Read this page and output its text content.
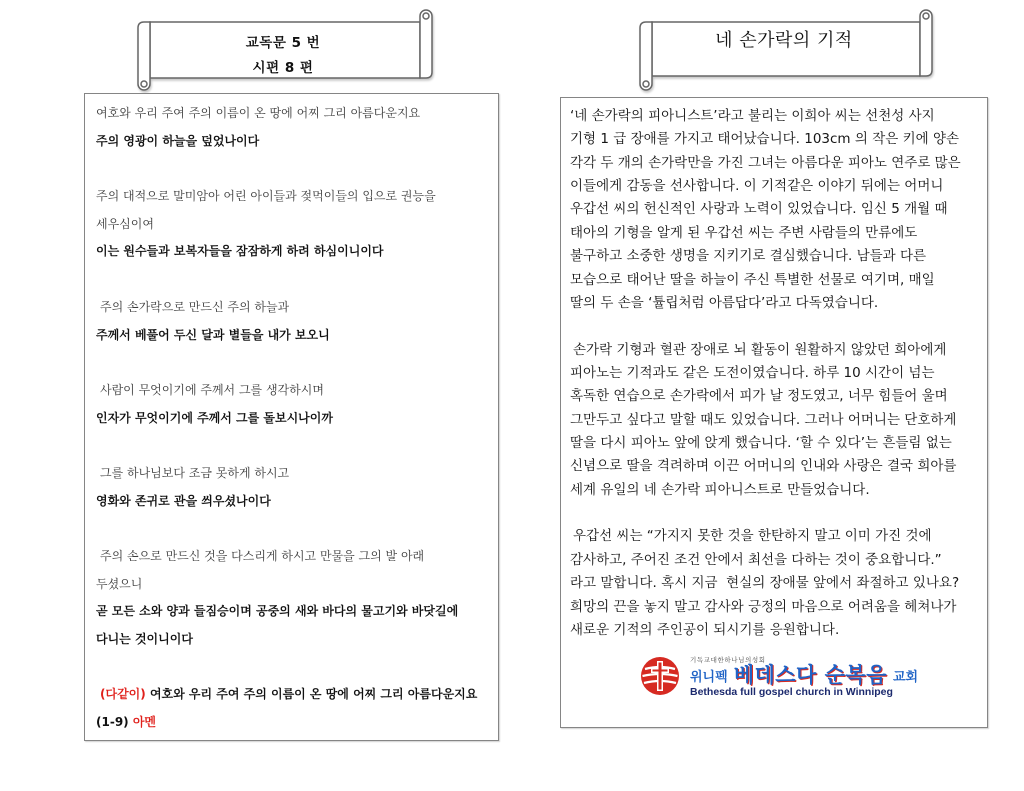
교독문 5 번
시편 8 편
네 손가락의 기적
여호와 우리 주여 주의 이름이 온 땅에 어찌 그리 아름다운지요
주의 영광이 하늘을 덮었나이다
주의 대적으로 말미암아 어린 아이들과 젖먹이들의 입으로 권능을
세우심이여
이는 원수들과 보복자들을 잠잠하게 하려 하심이니이다
주의 손가락으로 만드신 주의 하늘과
주께서 베풀어 두신 달과 별들을 내가 보오니
사람이 무엇이기에 주께서 그를 생각하시며
인자가 무엇이기에 주께서 그를 돌보시나이까
그를 하나님보다 조금 못하게 하시고
영화와 존귀로 관을 씌우셨나이다
주의 손으로 만드신 것을 다스리게 하시고 만물을 그의 발 아래
두셨으니
곧 모든 소와 양과 들짐승이며 공중의 새와 바다의 물고기와 바닷길에
다니는 것이니이다
(다같이) 여호와 우리 주여 주의 이름이 온 땅에 어찌 그리 아름다운지요
(1-9) 아멘
‘네 손가락의 피아니스트’라고 불리는 이희아 씨는 선천성 사지
기형 1 급 장애를 가지고 태어났습니다. 103cm 의 작은 키에 양손
각각 두 개의 손가락만을 가진 그녀는 아름다운 피아노 연주로 많은
이들에게 감동을 선사합니다. 이 기적같은 이야기 뒤에는 어머니
우갑선 씨의 헌신적인 사랑과 노력이 있었습니다. 임신 5 개월 때
태아의 기형을 알게 된 우갑선 씨는 주변 사람들의 만류에도
불구하고 소중한 생명을 지키기로 결심했습니다. 남들과 다른
모습으로 태어난 딸을 하늘이 주신 특별한 선물로 여기며, 매일
딸의 두 손을 ‘튤립처럼 아름답다’라고 다독였습니다.
손가락 기형과 혈관 장애로 뇌 활동이 원활하지 않았던 희아에게
피아노는 기적과도 같은 도전이였습니다. 하루 10 시간이 넘는
혹독한 연습으로 손가락에서 피가 날 정도였고, 너무 힘들어 울며
그만두고 싶다고 말할 때도 있었습니다. 그러나 어머니는 단호하게
딸을 다시 피아노 앞에 앉게 했습니다. ‘할 수 있다’는 흔들림 없는
신념으로 딸을 격려하며 이끈 어머니의 인내와 사랑은 결국 희아를
세계 유일의 네 손가락 피아니스트로 만들었습니다.
우갑선 씨는 “가지지 못한 것을 한탄하지 말고 이미 가진 것에
감사하고, 주어진 조건 안에서 최선을 다하는 것이 중요합니다.”
라고 말합니다. 혹시 지금  현실의 장애물 앞에서 좌절하고 있나요?
희망의 끈을 놓지 말고 감사와 긍정의 마음으로 어려움을 헤쳐나가
새로운 기적의 주인공이 되시기를 응원합니다.
기독교대한하나님의성회
위니펙 베데스다 순복음 교회
Bethesda full gospel church in Winnipeg
